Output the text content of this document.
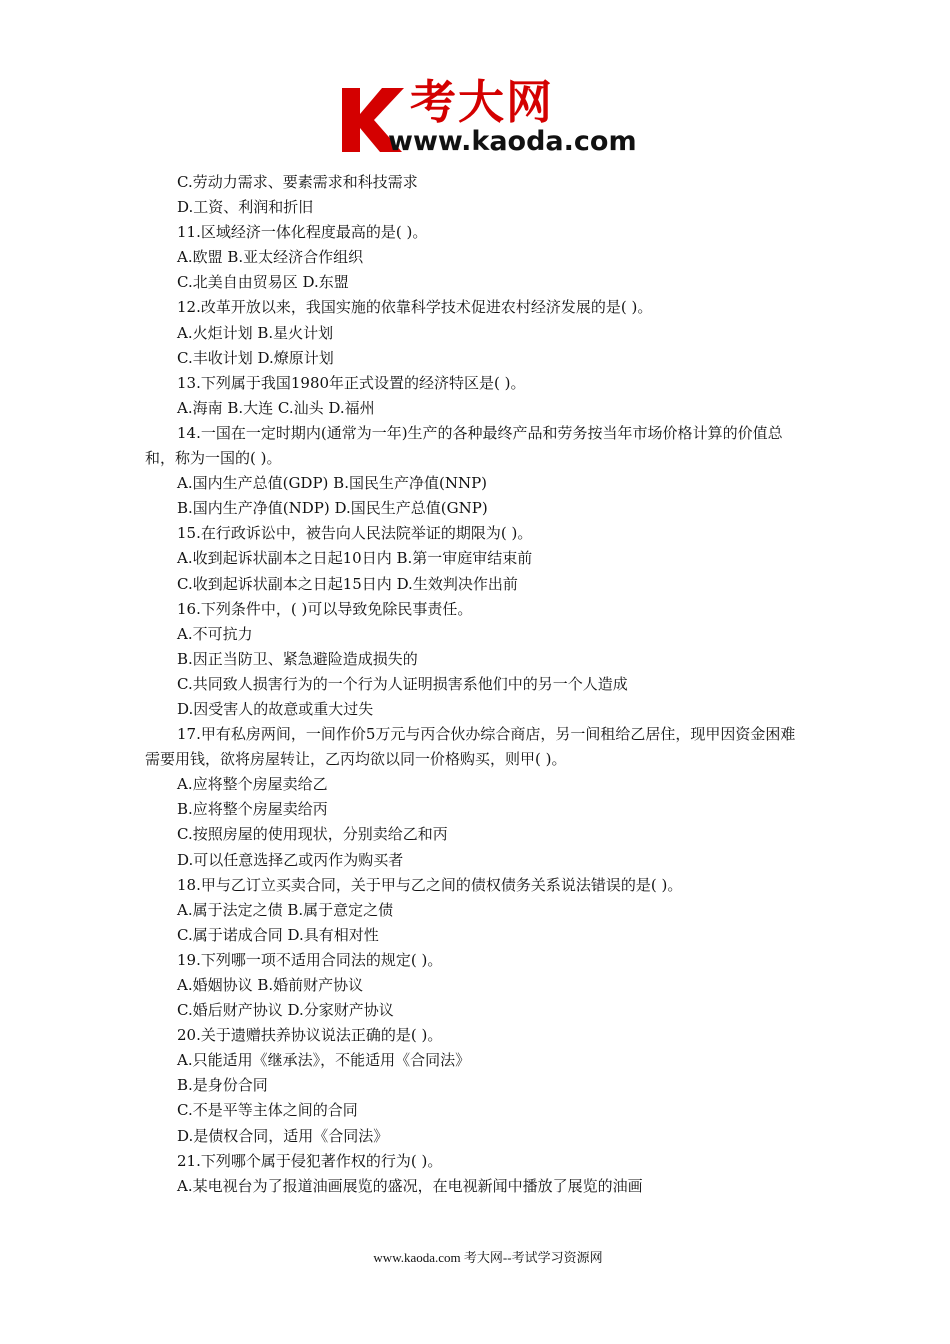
考大网
www.kaoda.com
C.劳动力需求、要素需求和科技需求
D.工资、利润和折旧
11.区域经济一体化程度最高的是( )。
A.欧盟 B.亚太经济合作组织
C.北美自由贸易区 D.东盟
12.改革开放以来，我国实施的依靠科学技术促进农村经济发展的是( )。
A.火炬计划 B.星火计划
C.丰收计划 D.燎原计划
13.下列属于我国1980年正式设置的经济特区是( )。
A.海南 B.大连 C.汕头 D.福州
14.一国在一定时期内(通常为一年)生产的各种最终产品和劳务按当年市场价格计算的价值总和，称为一国的( )。
A.国内生产总值(GDP) B.国民生产净值(NNP)
B.国内生产净值(NDP) D.国民生产总值(GNP)
15.在行政诉讼中，被告向人民法院举证的期限为( )。
A.收到起诉状副本之日起10日内 B.第一审庭审结束前
C.收到起诉状副本之日起15日内 D.生效判决作出前
16.下列条件中，( )可以导致免除民事责任。
A.不可抗力
B.因正当防卫、紧急避险造成损失的
C.共同致人损害行为的一个行为人证明损害系他们中的另一个人造成
D.因受害人的故意或重大过失
17.甲有私房两间，一间作价5万元与丙合伙办综合商店，另一间租给乙居住，现甲因资金困难需要用钱，欲将房屋转让，乙丙均欲以同一价格购买，则甲( )。
A.应将整个房屋卖给乙
B.应将整个房屋卖给丙
C.按照房屋的使用现状，分别卖给乙和丙
D.可以任意选择乙或丙作为购买者
18.甲与乙订立买卖合同，关于甲与乙之间的债权债务关系说法错误的是( )。
A.属于法定之债 B.属于意定之债
C.属于诺成合同 D.具有相对性
19.下列哪一项不适用合同法的规定( )。
A.婚姻协议 B.婚前财产协议
C.婚后财产协议 D.分家财产协议
20.关于遗赠扶养协议说法正确的是( )。
A.只能适用《继承法》，不能适用《合同法》
B.是身份合同
C.不是平等主体之间的合同
D.是债权合同，适用《合同法》
21.下列哪个属于侵犯著作权的行为( )。
A.某电视台为了报道油画展览的盛况，在电视新闻中播放了展览的油画
www.kaoda.com 考大网--考试学习资源网
